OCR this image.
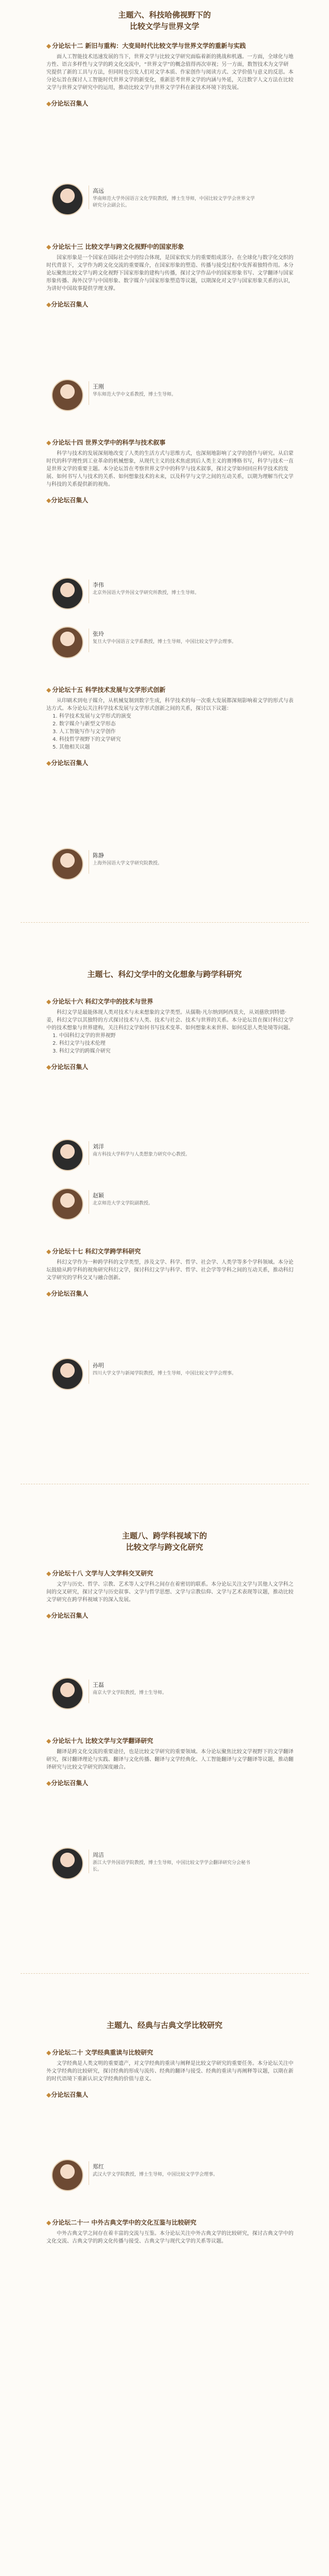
主题六、科技哈佛视野下的
比较文学与世界文学
◆ 分论坛十二 新旧与重构：大变局时代比较文学与世界文学的重新与实践

面人工智能技术迅速发展的当下，世界文学与比较文学研究面临着新的挑战和机遇。一方面，全球化与地方性、语言多样性与文学的跨文化交流中，“世界文学”的概念值得再次审视；另一方面，数智技术为文学研究提供了新的工具与方法，但同时也引发人们对文学本质、作家创作与阅读方式、文学价值与意义的反思。本分论坛旨在探讨人工智能时代世界文学的新变化，重新思考世界文学的内涵与外延，关注数字人文方法在比较文学与世界文学研究中的运用，推动比较文学与世界文学学科在新技术环境下的发展。

◆分论坛召集人
高远
华南师范大学外国语言文化学院教授，博士生导师，中国比较文学学会世界文学研究分会副会长。
◆ 分论坛十三 比较文学与跨文化视野中的国家形象

国家形象是一个国家在国际社会中的综合体现，是国家软实力的重要组成部分。在全球化与数字化交织的时代背景下，文学作为跨文化交流的重要媒介，在国家形象的塑造、传播与接受过程中发挥着独特作用。本分论坛聚焦比较文学与跨文化视野下国家形象的建构与传播，探讨文学作品中的国家形象书写、文学翻译与国家形象传播、海外汉学与中国形象、数字媒介与国家形象塑造等议题，以期深化对文学与国家形象关系的认识，为讲好中国故事提供学理支撑。

◆分论坛召集人
王刚
华东师范大学中文系教授，博士生导师。
◆ 分论坛十四 世界文学中的科学与技术叙事

科学与技术的发展深刻地改变了人类的生活方式与思维方式，也深刻地影响了文学的创作与研究。从启蒙时代的科学理性到工业革命的机械想象，从现代主义的技术焦虑到后人类主义的赛博格书写，科学与技术一直是世界文学的重要主题。本分论坛旨在考察世界文学中的科学与技术叙事，探讨文学如何回应科学技术的发展、如何书写人与技术的关系、如何想象技术的未来，以及科学与文学之间的互动关系，以期为理解当代文学与科技的关系提供新的视角。

◆分论坛召集人
李伟
北京外国语大学外国文学研究所教授，博士生导师。
张玲
复旦大学中国语言文学系教授，博士生导师，中国比较文学学会理事。
◆ 分论坛十五 科学技术发展与文学形式创新

从印刷术到电子媒介，从机械复制到数字生成，科学技术的每一次重大发展都深刻影响着文学的形式与表达方式。本分论坛关注科学技术发展与文学形式创新之间的关系，探讨以下议题：

1. 科学技术发展与文学形式的演变
2. 数字媒介与新型文学形态
3. 人工智能写作与文学创作
4. 科技哲学视野下的文学研究
5. 其他相关议题
◆分论坛召集人
陈静
上海外国语大学文学研究院教授。
主题七、科幻文学中的文化想象与跨学科研究
◆ 分论坛十六 科幻文学中的技术与世界

科幻文学是最能体现人类对技术与未来想象的文学类型。从儒勒·凡尔纳到阿西莫夫，从刘慈欣到特德·姜，科幻文学以其独特的方式探讨技术与人类、技术与社会、技术与世界的关系。本分论坛旨在探讨科幻文学中的技术想象与世界建构，关注科幻文学如何书写技术变革、如何想象未来世界、如何反思人类处境等问题。

1. 中国科幻文学的世界视野
2. 科幻文学与技术伦理
3. 科幻文学的跨媒介研究
◆分论坛召集人
刘洋
南方科技大学科学与人类想象力研究中心教授。
赵颖
北京师范大学文学院副教授。
◆ 分论坛十七 科幻文学跨学科研究

科幻文学作为一种跨学科的文学类型，涉及文学、科学、哲学、社会学、人类学等多个学科领域。本分论坛鼓励从跨学科的视角研究科幻文学，探讨科幻文学与科学、哲学、社会学等学科之间的互动关系，推动科幻文学研究的学科交叉与融合创新。

◆分论坛召集人
孙明
四川大学文学与新闻学院教授，博士生导师，中国比较文学学会理事。
主题八、跨学科视域下的
比较文学与跨文化研究
◆ 分论坛十八 文学与人文学科交叉研究

文学与历史、哲学、宗教、艺术等人文学科之间存在着密切的联系。本分论坛关注文学与其他人文学科之间的交叉研究，探讨文学与历史叙事、文学与哲学思想、文学与宗教信仰、文学与艺术表现等议题，推动比较文学研究在跨学科视域下的深入发展。

◆分论坛召集人
王磊
南京大学文学院教授，博士生导师。
◆ 分论坛十九 比较文学与文学翻译研究

翻译是跨文化交流的重要途径，也是比较文学研究的重要领域。本分论坛聚焦比较文学视野下的文学翻译研究，探讨翻译理论与实践、翻译与文化传播、翻译与文学经典化、人工智能翻译与文学翻译等议题，推动翻译研究与比较文学研究的深度融合。

◆分论坛召集人
周洁
浙江大学外国语学院教授，博士生导师，中国比较文学学会翻译研究分会秘书长。
主题九、经典与古典文学比较研究
◆ 分论坛二十 文学经典重读与比较研究

文学经典是人类文明的重要遗产，对文学经典的重读与阐释是比较文学研究的重要任务。本分论坛关注中外文学经典的比较研究，探讨经典的形成与流传、经典的翻译与接受、经典的重读与再阐释等议题，以期在新的时代语境下重新认识文学经典的价值与意义。

◆分论坛召集人
郑红
武汉大学文学院教授，博士生导师，中国比较文学学会理事。
◆ 分论坛二十一 中外古典文学中的文化互鉴与比较研究

中外古典文学之间存在着丰富的交流与互鉴。本分论坛关注中外古典文学的比较研究，探讨古典文学中的文化交流、古典文学的跨文化传播与接受、古典文学与现代文学的关系等议题。
